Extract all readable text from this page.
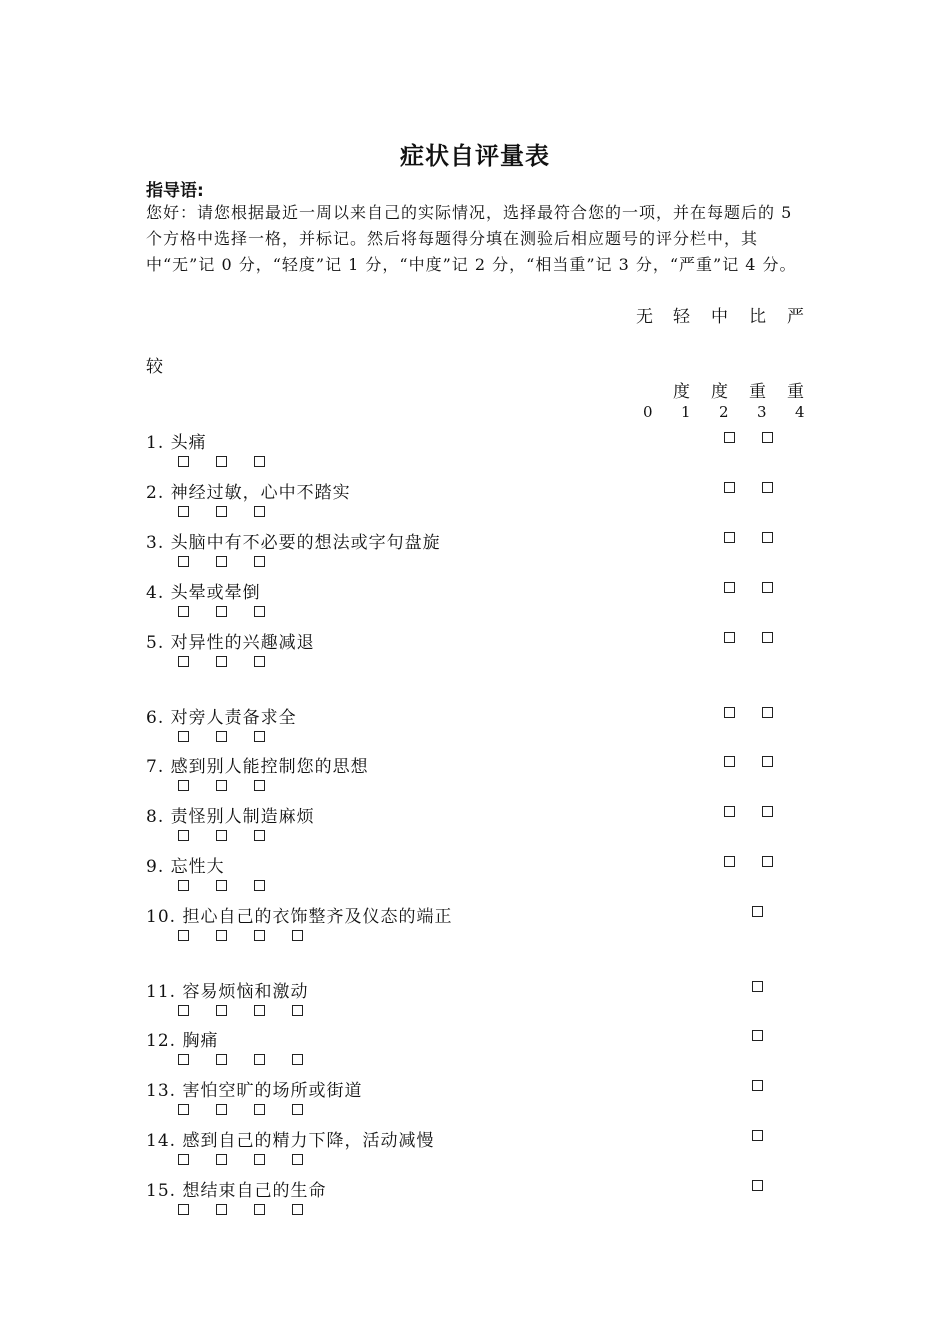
症状自评量表
指导语:
您好：请您根据最近一周以来自己的实际情况，选择最符合您的一项，并在每题后的 5 个方格中选择一格，并标记。然后将每题得分填在测验后相应题号的评分栏中，其中“无”记 0 分，“轻度”记 1 分，“中度”记 2 分，“相当重”记 3 分，“严重”记 4 分。
无 轻 中 比 严
较
度 度 重 重
0 1 2 3 4
1. 头痛
2. 神经过敏，心中不踏实
3. 头脑中有不必要的想法或字句盘旋
4. 头晕或晕倒
5. 对异性的兴趣减退
6. 对旁人责备求全
7. 感到别人能控制您的思想
8. 责怪别人制造麻烦
9. 忘性大
10. 担心自己的衣饰整齐及仪态的端正
11. 容易烦恼和激动
12. 胸痛
13. 害怕空旷的场所或街道
14. 感到自己的精力下降，活动减慢
15. 想结束自己的生命
